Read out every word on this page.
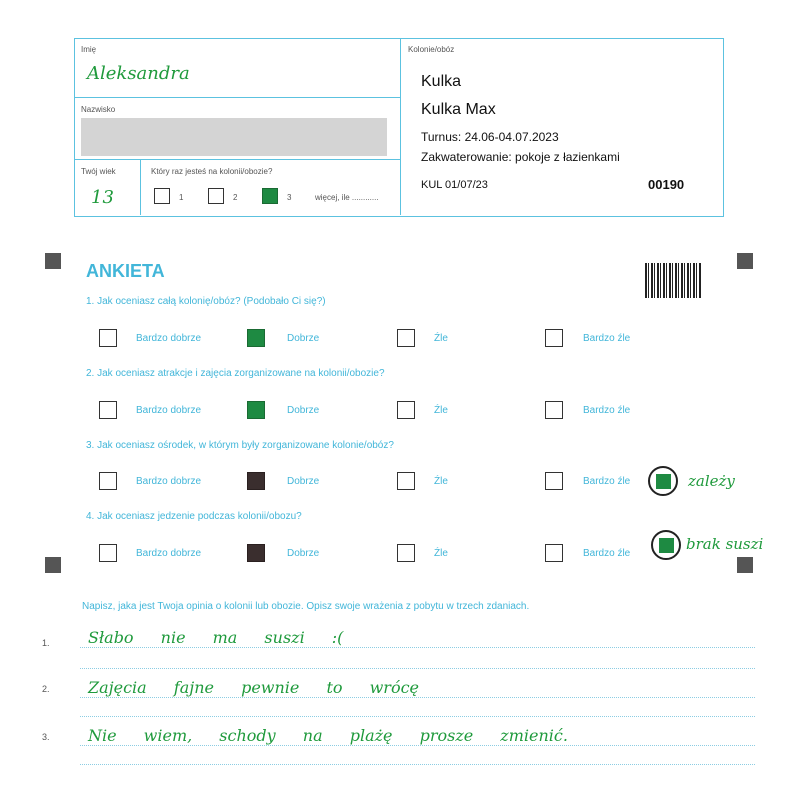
Imię
Aleksandra
Nazwisko
Twój wiek
13
Który raz jesteś na kolonii/obozie?
1	2	3	więcej, ile ............
Kolonie/obóz
Kulka
Kulka Max
Turnus: 24.06-04.07.2023
Zakwaterowanie: pokoje z łazienkami
KUL 01/07/23	00190
ANKIETA
1. Jak oceniasz całą kolonię/obóz? (Podobało Ci się?)
Bardzo dobrze	Dobrze	Źle	Bardzo źle
2. Jak oceniasz atrakcje i zajęcia zorganizowane na kolonii/obozie?
Bardzo dobrze	Dobrze	Źle	Bardzo źle
3. Jak oceniasz ośrodek, w którym były zorganizowane kolonie/obóz?
Bardzo dobrze	Dobrze	Źle	Bardzo źle	zależy
4. Jak oceniasz jedzenie podczas kolonii/obozu?
Bardzo dobrze	Dobrze	Źle	Bardzo źle
brak suszi
Napisz, jaka jest Twoja opinia o kolonii lub obozie. Opisz swoje wrażenia z pobytu w trzech zdaniach.
1. Słabo nie ma suszi :(
2. Zajęcia fajne pewnie to wrócę
3. Nie wiem, schody na plażę prosze zmienić.
